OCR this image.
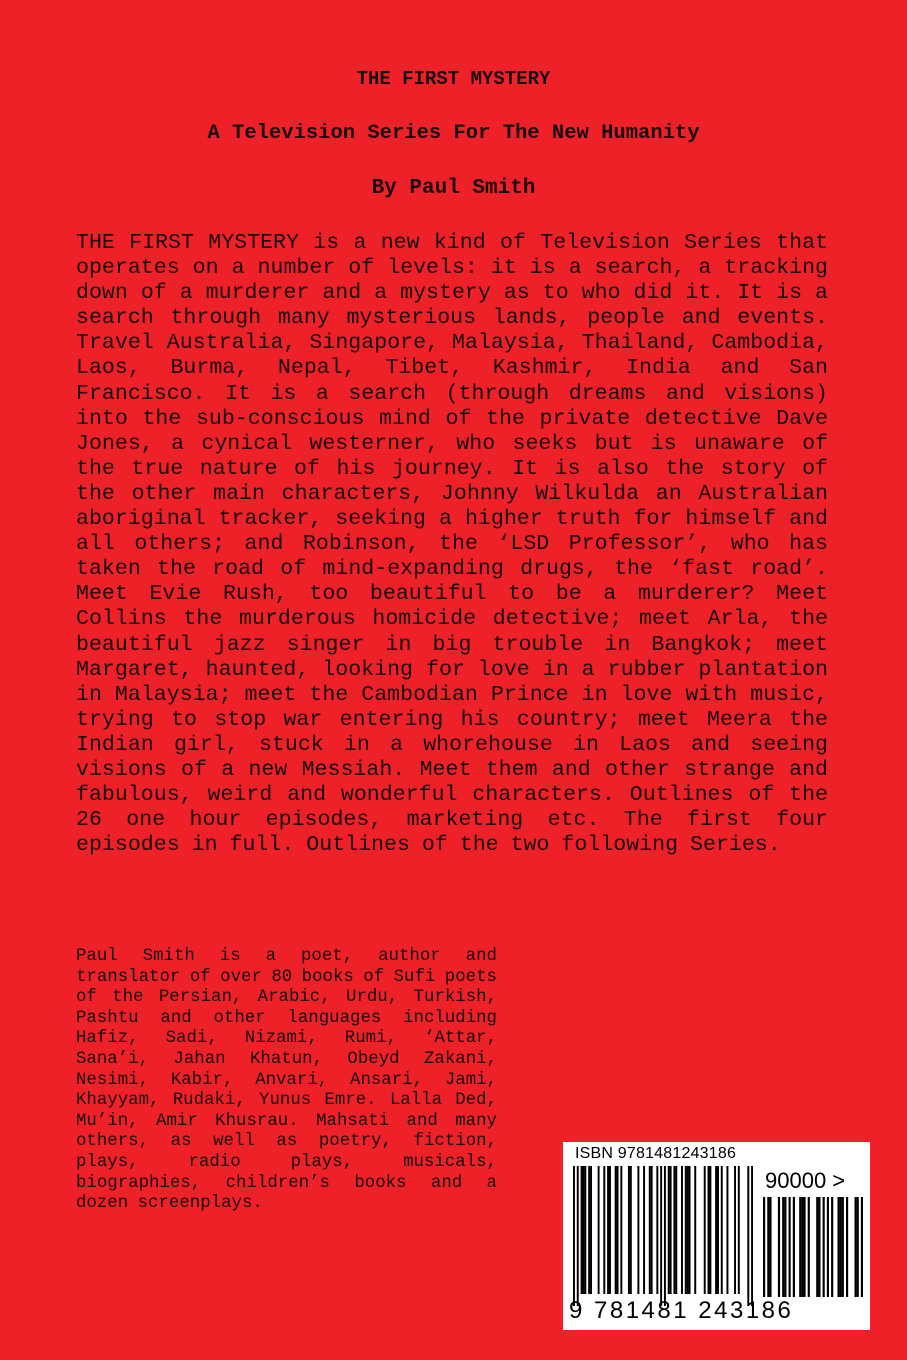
THE FIRST MYSTERY
A Television Series For The New Humanity
By Paul Smith

THE FIRST MYSTERY is a new kind of Television Series that operates on a number of levels: it is a search, a tracking down of a murderer and a mystery as to who did it. It is a search through many mysterious lands, people and events. Travel Australia, Singapore, Malaysia, Thailand, Cambodia, Laos, Burma, Nepal, Tibet, Kashmir, India and San Francisco. It is a search (through dreams and visions) into the sub-conscious mind of the private detective Dave Jones, a cynical westerner, who seeks but is unaware of the true nature of his journey. It is also the story of the other main characters, Johnny Wilkulda an Australian aboriginal tracker, seeking a higher truth for himself and all others; and Robinson, the ‘LSD Professor’, who has taken the road of mind-expanding drugs, the ‘fast road’. Meet Evie Rush, too beautiful to be a murderer? Meet Collins the murderous homicide detective; meet Arla, the beautiful jazz singer in big trouble in Bangkok; meet Margaret, haunted, looking for love in a rubber plantation in Malaysia; meet the Cambodian Prince in love with music, trying to stop war entering his country; meet Meera the Indian girl, stuck in a whorehouse in Laos and seeing visions of a new Messiah. Meet them and other strange and fabulous, weird and wonderful characters. Outlines of the 26 one hour episodes, marketing etc. The first four episodes in full. Outlines of the two following Series.

Paul Smith is a poet, author and translator of over 80 books of Sufi poets of the Persian, Arabic, Urdu, Turkish, Pashtu and other languages including Hafiz, Sadi, Nizami, Rumi, ‘Attar, Sana’i, Jahan Khatun, Obeyd Zakani, Nesimi, Kabir, Anvari, Ansari, Jami, Khayyam, Rudaki, Yunus Emre. Lalla Ded, Mu’in, Amir Khusrau. Mahsati and many others, as well as poetry, fiction, plays, radio plays, musicals, biographies, children’s books and a dozen screenplays.

ISBN 9781481243186
90000 >
9 781481 243186
